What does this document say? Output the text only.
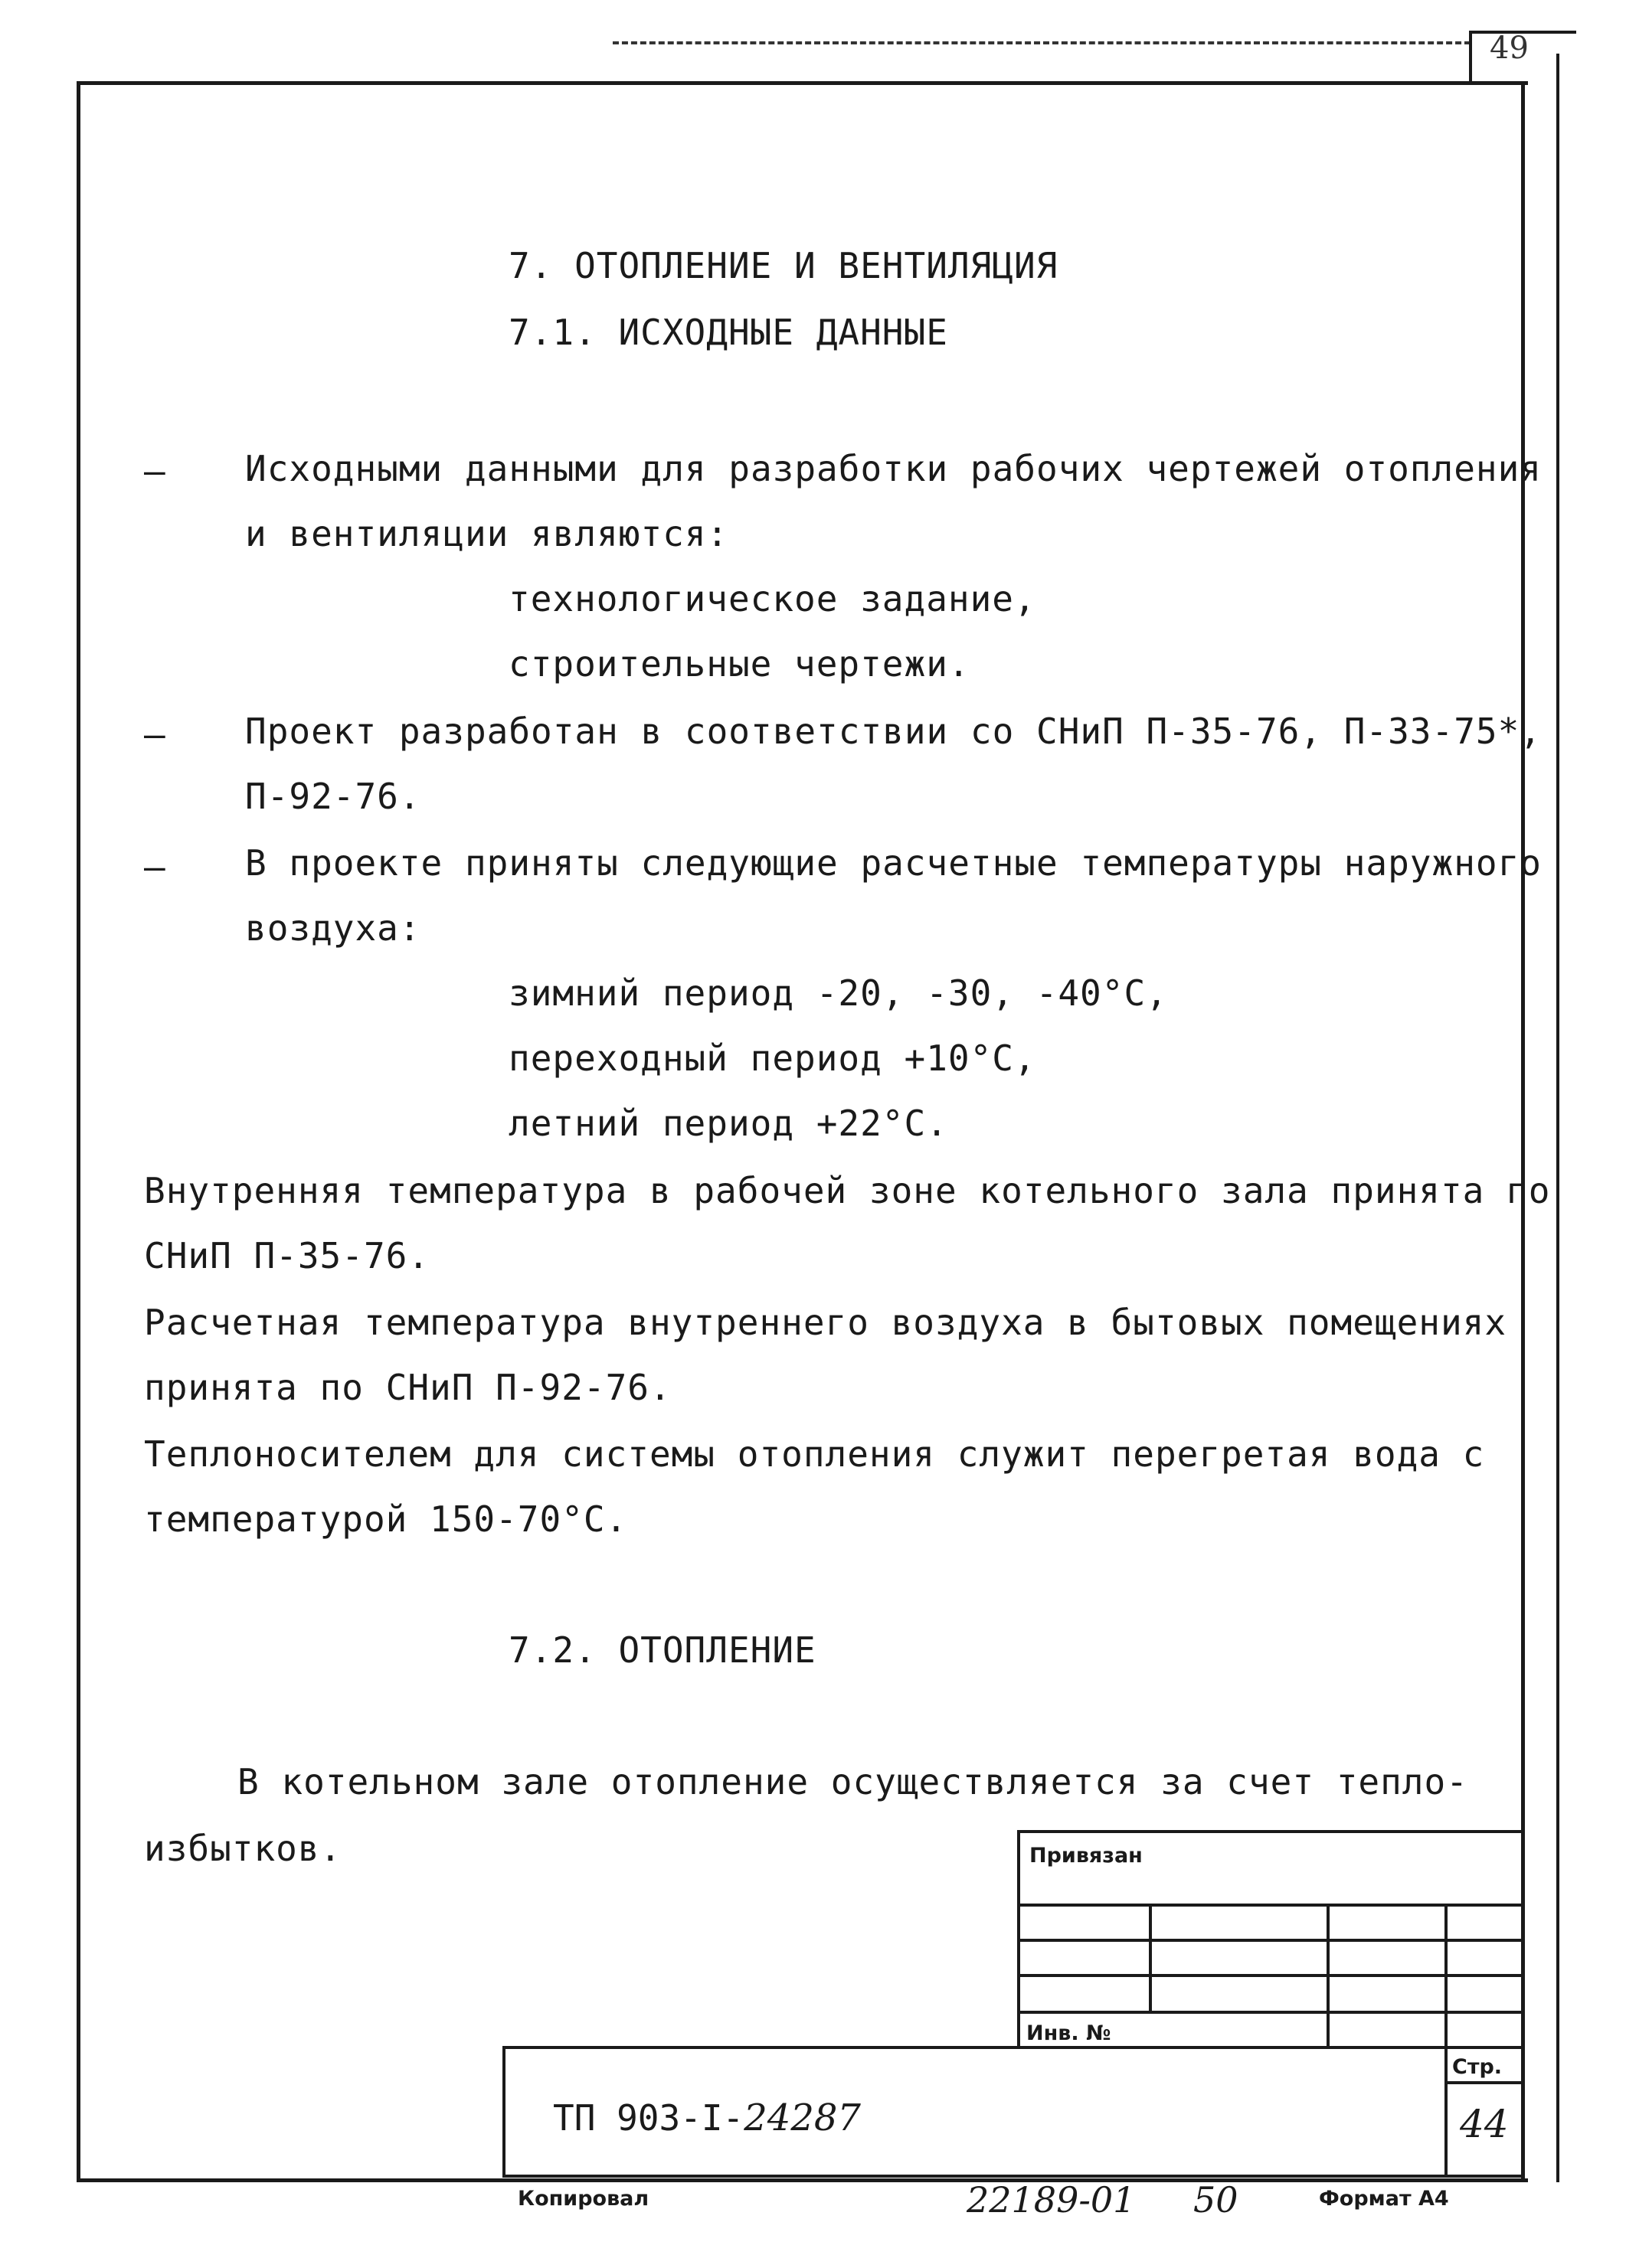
49
7. ОТОПЛЕНИЕ И ВЕНТИЛЯЦИЯ
7.1. ИСХОДНЫЕ ДАННЫЕ
– Исходными данными для разработки рабочих чертежей отопления
и вентиляции являются:
технологическое задание,
строительные чертежи.
– Проект разработан в соответствии со СНиП П-35-76, П-33-75*,
П-92-76.
– В проекте приняты следующие расчетные температуры наружного
воздуха:
зимний период -20, -30, -40°С,
переходный период +10°С,
летний период +22°С.
Внутренняя температура в рабочей зоне котельного зала принята по
СНиП П-35-76.
Расчетная температура внутреннего воздуха в бытовых помещениях
принята по СНиП П-92-76.
Теплоносителем для системы отопления служит перегретая вода с
температурой 150-70°С.
7.2. ОТОПЛЕНИЕ
В котельном зале отопление осуществляется за счет тепло-
избытков.	Привязан
Инв. №
ТП 903-I-24287
Стр.
44
Копировал	22189-01 50	Формат А4
